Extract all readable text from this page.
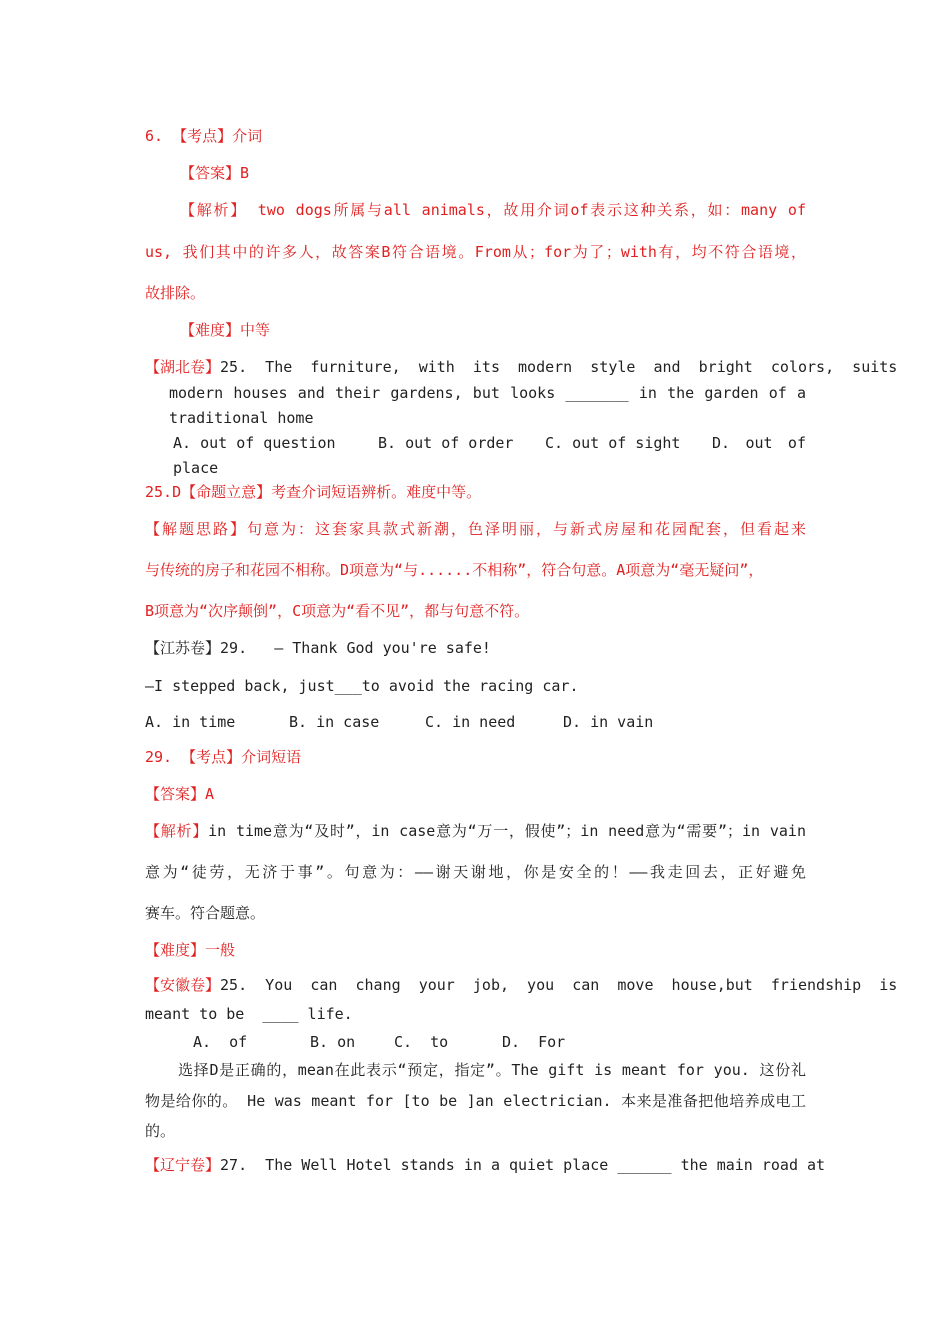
6. 【考点】介词
【答案】B
【解析】 two dogs所属与all animals，故用介词of表示这种关系，如：many of
us, 我们其中的许多人，故答案B符合语境。From从；for为了；with有，均不符合语境，
故排除。
【难度】中等
【湖北卷】 25.  The  furniture,  with  its  modern  style  and  bright  colors,  suits
modern houses and their gardens, but looks _______ in the garden of a
traditional home
A. out of question	B. out of order C. out of sight D. out of
place
25.D【命题立意】考查介词短语辨析。难度中等。
【解题思路】句意为：这套家具款式新潮，色泽明丽，与新式房屋和花园配套，但看起来
与传统的房子和花园不相称。D项意为“与......不相称”，符合句意。A项意为“毫无疑问”，
B项意为“次序颠倒”，C项意为“看不见”，都与句意不符。
【江苏卷】29.   — Thank God you're safe!
—I stepped back, just___to avoid the racing car.
A. in time	B. in case	C. in need	D. in vain
29. 【考点】介词短语
【答案】A
【解析】in time意为“及时”，in case意为“万一，假使”；in need意为“需要”；in vain
意为“徒劳，无济于事”。句意为：——谢天谢地，你是安全的！——我走回去，正好避免
赛车。符合题意。
【难度】一般
【安徽卷】 25.  You  can  chang  your  job,  you  can  move  house,but  friendship  is
meant to be  ____ life.
A.  of	B. on	C.  to	D.  For
选择D是正确的，mean在此表示“预定，指定”。The gift is meant for you. 这份礼
物是给你的。 He was meant for [to be ]an electrician. 本来是准备把他培养成电工
的。
【辽宁卷】 27.  The Well Hotel stands in a quiet place ______ the main road at
